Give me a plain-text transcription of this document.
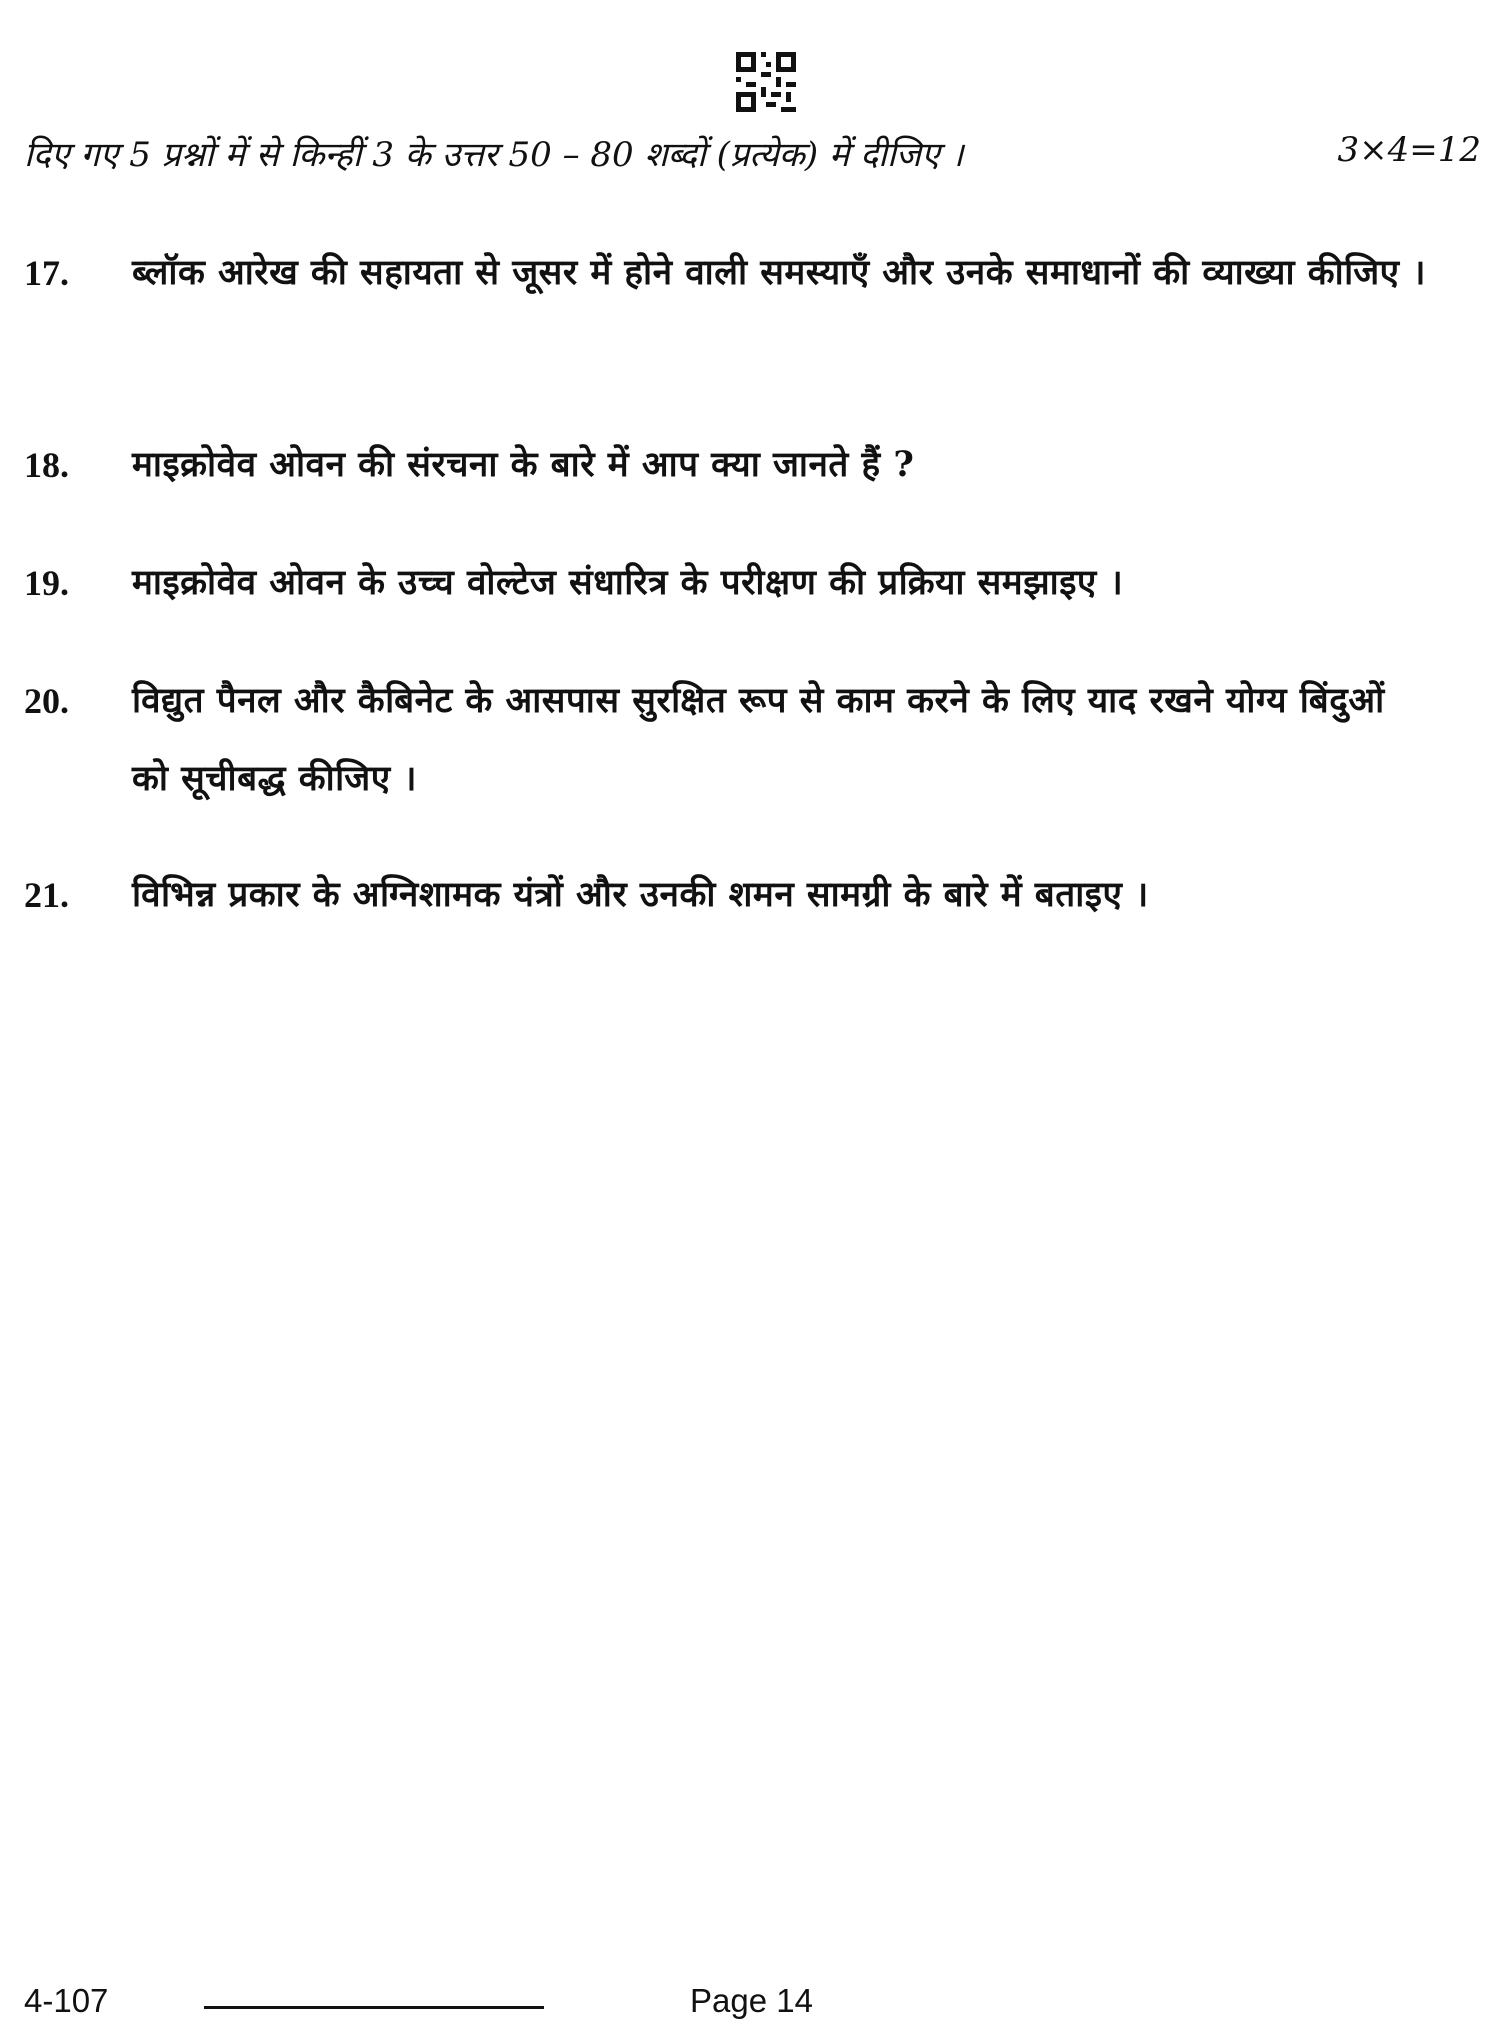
दिए गए 5 प्रश्नों में से किन्हीं 3 के उत्तर 50 – 80 शब्दों (प्रत्येक) में दीजिए ।	3×4=12
17.	ब्लॉक आरेख की सहायता से जूसर में होने वाली समस्याएँ और उनके समाधानों की व्याख्या कीजिए ।
18.	माइक्रोवेव ओवन की संरचना के बारे में आप क्या जानते हैं ?
19.	माइक्रोवेव ओवन के उच्च वोल्टेज संधारित्र के परीक्षण की प्रक्रिया समझाइए ।
20.	विद्युत पैनल और कैबिनेट के आसपास सुरक्षित रूप से काम करने के लिए याद रखने योग्य बिंदुओं को सूचीबद्ध कीजिए ।
21.	विभिन्न प्रकार के अग्निशामक यंत्रों और उनकी शमन सामग्री के बारे में बताइए ।
4-107	Page 14
